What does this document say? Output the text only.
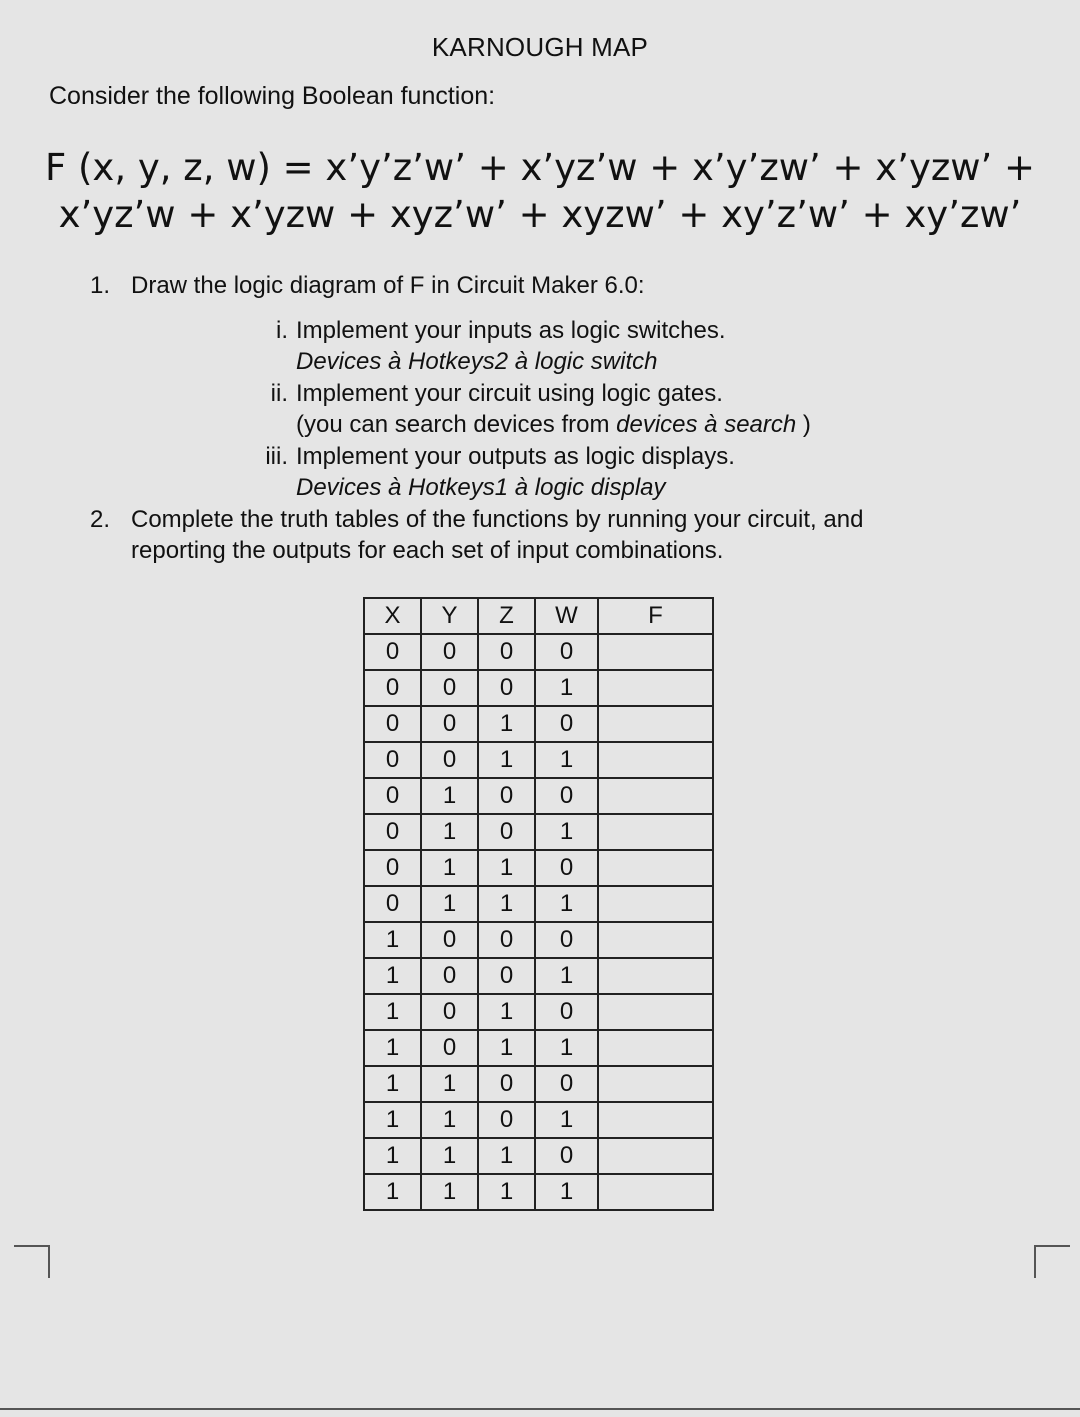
KARNOUGH MAP
Consider the following Boolean function:
F (x, y, z, w) = x’y’z’w’ + x’yz’w + x’y’zw’ + x’yzw’ +
x’yz’w + x’yzw + xyz’w’ + xyzw’ + xy’z’w’ + xy’zw’
1. Draw the logic diagram of F in Circuit Maker 6.0:
i. Implement your inputs as logic switches.
Devices à Hotkeys2 à logic switch
ii. Implement your circuit using logic gates.
(you can search devices from devices à search )
iii. Implement your outputs as logic displays.
Devices à Hotkeys1 à logic display
2. Complete the truth tables of the functions by running your circuit, and
reporting the outputs for each set of input combinations.
X	Y	Z	W	F
0	0	0	0	
0	0	0	1	
0	0	1	0	
0	0	1	1	
0	1	0	0	
0	1	0	1	
0	1	1	0	
0	1	1	1	
1	0	0	0	
1	0	0	1	
1	0	1	0	
1	0	1	1	
1	1	0	0	
1	1	0	1	
1	1	1	0	
1	1	1	1	
